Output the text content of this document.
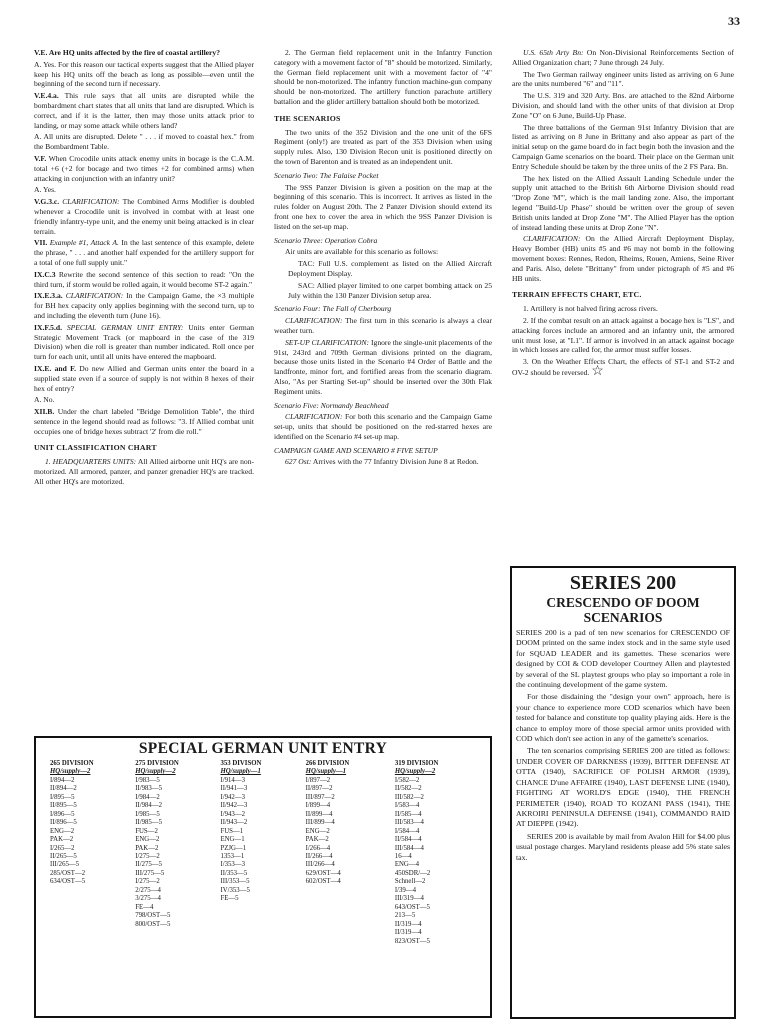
33

V.E. Are HQ units affected by the fire of coastal artillery?

A. Yes. For this reason our tactical experts suggest that the Allied player keep his HQ units off the beach as long as possible—even until the beginning of the second turn if necessary.

V.E.4.a. This rule says that all units are disrupted while the bombardment chart states that all units that land are disrupted. Which is correct, and if it is the latter, then may those units attack prior to landing, or may some attack while others land?

A. All units are disrupted. Delete " . . . if moved to coastal hex." from the Bombardment Table.

V.F. When Crocodile units attack enemy units in bocage is the C.A.M. total +6 (+2 for bocage and two times +2 for combined arms) when attacking in conjunction with an infantry unit?

A. Yes.

V.G.3.c. CLARIFICATION: The Combined Arms Modifier is doubled whenever a Crocodile unit is involved in combat with at least one friendly infantry-type unit, and the enemy unit being attacked is in clear terrain.

VII. Example #1, Attack A. In the last sentence of this example, delete the phrase, " . . . and another half expended for the artillery support for a total of one full supply unit."

IX.C.3 Rewrite the second sentence of this section to read: "On the third turn, if storm would be rolled again, it would become ST-2 again."

IX.E.3.a. CLARIFICATION: In the Campaign Game, the ×3 multiple for BH hex capacity only applies beginning with the second turn, up to and including the eleventh turn (June 16).

IX.F.5.d. SPECIAL GERMAN UNIT ENTRY: Units enter German Strategic Movement Track (or mapboard in the case of the 319 Division) when die roll is greater than number indicated. Roll once per turn for each unit, until all units have entered the mapboard.

IX.E. and F. Do new Allied and German units enter the board in a supplied state even if a source of supply is not within 8 hexes of their hex of entry?

A. No.

XII.B. Under the chart labeled "Bridge Demolition Table", the third sentence in the legend should read as follows: "3. If Allied combat unit occupies one of bridge hexes subtract '2' from die roll."

UNIT CLASSIFICATION CHART

1. HEADQUARTERS UNITS: All Allied airborne unit HQ's are non-motorized. All armored, panzer, and panzer grenadier HQ's are tracked. All other HQ's are motorized.

2. The German field replacement unit in the Infantry Function category with a movement factor of "8" should be motorized. Similarly, the German field replacement unit with a movement factor of "4" should be non-motorized. The infantry function machine-gun company should be non-motorized. The artillery function parachute artillery battalion and the glider artillery battalion should both be motorized.

THE SCENARIOS

The two units of the 352 Division and the one unit of the 6FS Regiment (only!) are treated as part of the 353 Division when using supply rules. Also, 130 Division Recon unit is positioned directly on the town of Barenton and is treated as an independent unit.

Scenario Two: The Falaise Pocket

The 9SS Panzer Division is given a position on the map at the beginning of this scenario. This is incorrect. It arrives as listed in the rules folder on August 20th. The 2 Panzer Division should extend its front one hex to cover the area in which the 9SS Panzer Division is listed on the set-up map.

Scenario Three: Operation Cobra

Air units are available for this scenario as follows:

TAC: Full U.S. complement as listed on the Allied Aircraft Deployment Display.

SAC: Allied player limited to one carpet bombing attack on 25 July within the 130 Panzer Division setup area.

Scenario Four: The Fall of Cherbourg

CLARIFICATION: The first turn in this scenario is always a clear weather turn.

SET-UP CLARIFICATION: Ignore the single-unit placements of the 91st, 243rd and 709th German divisions printed on the diagram, because those units listed in the Scenario #4 Order of Battle and the landfronte, minor fort, and fortified areas from the scenario diagram. Also, "As per Starting Set-up" should be inserted over the 30th Flak Regiment units.

Scenario Five: Normandy Beachhead

CLARIFICATION: For both this scenario and the Campaign Game set-up, units that should be positioned on the red-starred hexes are identified on the Scenario #4 set-up map.

CAMPAIGN GAME AND SCENARIO # FIVE SETUP

627 Ost: Arrives with the 77 Infantry Division June 8 at Redon.

U.S. 65th Arty Bn: On Non-Divisional Reinforcements Section of Allied Organization chart; 7 June through 24 July.

The Two German railway engineer units listed as arriving on 6 June are the units numbered "6" and "11".

The U.S. 319 and 320 Arty. Bns. are attached to the 82nd Airborne Division, and should land with the other units of that division at Drop Zone "O" on 6 June, Build-Up Phase.

The three battalions of the German 91st Infantry Division that are listed as arriving on 8 June in Brittany and also appear as part of the initial setup on the game board do in fact begin both the invasion and the Campaign Game scenarios on the board. Their place on the German unit Entry Schedule should be taken by the three units of the 2 FS Para. Bn.

The hex listed on the Allied Assault Landing Schedule under the supply unit attached to the British 6th Airborne Division should read "Drop Zone 'M'", which is the mail landing zone. Also, the important legend "Build-Up Phase" should be written over the group of seven British units landed at Drop Zone "M". The Allied Player has the option of instead landing these units at Drop Zone "N".

CLARIFICATION: On the Allied Aircraft Deployment Display, Heavy Bomber (HB) units #5 and #6 may not bomb in the following movement boxes: Rennes, Redon, Rheims, Rouen, Amiens, Seine River and Paris. Also, delete "Brittany" from under pictograph of #5 and #6 HB units.

TERRAIN EFFECTS CHART, ETC.

1. Artillery is not halved firing across rivers.

2. If the combat result on an attack against a bocage hex is "LS", and attacking forces include an armored and an infantry unit, the armored unit must lose, at "L1". If armor is involved in an attack against bocage in which losses are called for, the armor must suffer losses.

3. On the Weather Effects Chart, the effects of ST-1 and ST-2 and OV-2 should be reversed. ☆

SERIES 200
CRESCENDO OF DOOM SCENARIOS

SERIES 200 is a pad of ten new scenarios for CRESCENDO OF DOOM printed on the same index stock and in the same style used for SQUAD LEADER and its gamettes. These scenarios were designed by COI & COD developer Courtney Allen and playtested by several of the SL playtest groups who play so important a role in the continuing development of the game system.

For those disdaining the "design your own" approach, here is your chance to experience more COD scenarios which have been tested for balance and constitute top quality playing aids. Here is the chance to employ more of those special armor units provided with COD which don't see action in any of the gamette's scenarios.

The ten scenarios comprising SERIES 200 are titled as follows: UNDER COVER OF DARKNESS (1939), BITTER DEFENSE AT OTTA (1940), SACRIFICE OF POLISH ARMOR (1939), CHANCE D'une AFFAIRE (1940), LAST DEFENSE LINE (1940), FIGHTING AT WORLD'S EDGE (1940), THE FRENCH PERIMETER (1940), ROAD TO KOZANI PASS (1941), THE AKROIRI PENINSULA DEFENSE (1941), COMMANDO RAID AT DIEPPE (1942).

SERIES 200 is available by mail from Avalon Hill for $4.00 plus usual postage charges. Maryland residents please add 5% state sales tax.

SPECIAL GERMAN UNIT ENTRY
265 DIVISION
HQ/supply—2
I/894—2
II/894—2
I/895—5
II/895—5
I/896—5
II/896—5
ENG—2
PAK—2
I/265—2
II/265—5
III/265—5
285/OST—2
634/OST—5
275 DIVISION
HQ/supply—2
I/983—5
II/983—5
I/984—2
II/984—2
I/985—5
II/985—5
FUS—2
ENG—2
PAK—2
I/275—2
II/275—5
III/275—5
I/275—2
2/275—4
3/275—4
FE—4
798/OST—5
800/OST—5
353 DIVISON
HQ/supply—1
I/914—3
II/941—3
I/942—3
II/942—3
I/943—2
II/943—2
FUS—1
ENG—1
PZJG—1
1353—1
I/353—3
II/353—5
III/353—5
IV/353—5
FE—5
266 DIVISION
HQ/supply—1
I/897—2
II/897—2
III/897—2
I/899—4
II/899—4
III/899—4
ENG—2
PAK—2
I/266—4
II/266—4
III/266—4
629/OST—4
602/OST—4
319 DIVISION
HQ/supply—2
I/582—2
II/582—2
III/582—2
I/583—4
II/585—4
III/583—4
I/584—4
II/584—4
III/584—4
16—4
ENG—4
450SDR/—2
Schnell—2
I/39—4
III/319—4
643/OST—5
213—5
II/319—4
II/319—4
823/OST—5
